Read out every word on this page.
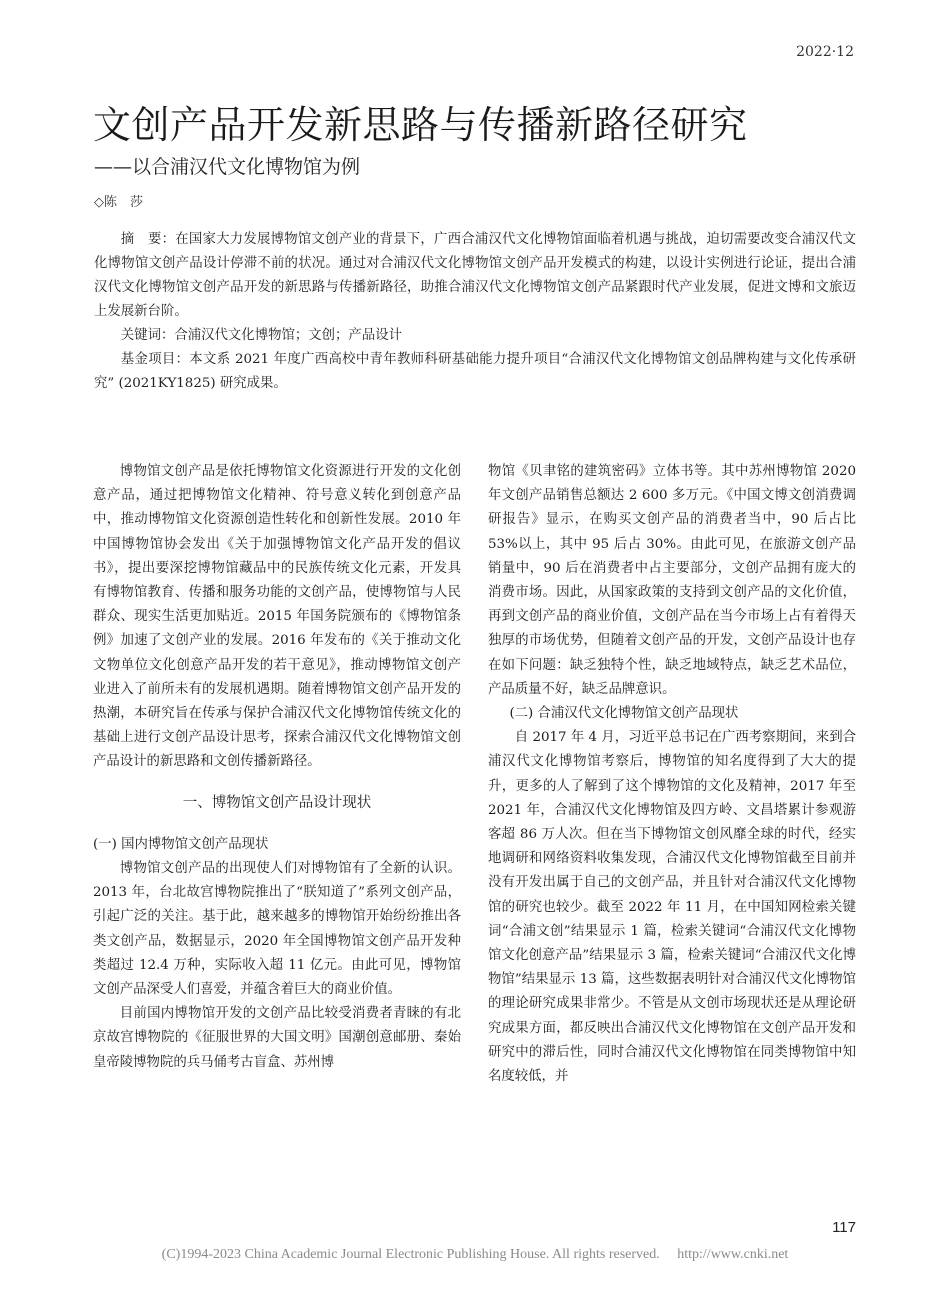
2022·12
文创产品开发新思路与传播新路径研究
——以合浦汉代文化博物馆为例
◇陈　莎

摘　要：在国家大力发展博物馆文创产业的背景下，广西合浦汉代文化博物馆面临着机遇与挑战，迫切需要改变合浦汉代文化博物馆文创产品设计停滞不前的状况。通过对合浦汉代文化博物馆文创产品开发模式的构建，以设计实例进行论证，提出合浦汉代文化博物馆文创产品开发的新思路与传播新路径，助推合浦汉代文化博物馆文创产品紧跟时代产业发展，促进文博和文旅迈上发展新台阶。

关键词：合浦汉代文化博物馆；文创；产品设计

基金项目：本文系 2021 年度广西高校中青年教师科研基础能力提升项目“合浦汉代文化博物馆文创品牌构建与文化传承研究” (2021KY1825) 研究成果。

博物馆文创产品是依托博物馆文化资源进行开发的文化创意产品，通过把博物馆文化精神、符号意义转化到创意产品中，推动博物馆文化资源创造性转化和创新性发展。2010 年中国博物馆协会发出《关于加强博物馆文化产品开发的倡议书》，提出要深挖博物馆藏品中的民族传统文化元素，开发具有博物馆教育、传播和服务功能的文创产品，使博物馆与人民群众、现实生活更加贴近。2015 年国务院颁布的《博物馆条例》加速了文创产业的发展。2016 年发布的《关于推动文化文物单位文化创意产品开发的若干意见》，推动博物馆文创产业进入了前所未有的发展机遇期。随着博物馆文创产品开发的热潮，本研究旨在传承与保护合浦汉代文化博物馆传统文化的基础上进行文创产品设计思考，探索合浦汉代文化博物馆文创产品设计的新思路和文创传播新路径。

一、博物馆文创产品设计现状

(一) 国内博物馆文创产品现状

博物馆文创产品的出现使人们对博物馆有了全新的认识。2013 年，台北故宫博物院推出了“朕知道了”系列文创产品，引起广泛的关注。基于此，越来越多的博物馆开始纷纷推出各类文创产品，数据显示，2020 年全国博物馆文创产品开发种类超过 12.4 万种，实际收入超 11 亿元。由此可见，博物馆文创产品深受人们喜爱，并蕴含着巨大的商业价值。

目前国内博物馆开发的文创产品比较受消费者青睐的有北京故宫博物院的《征服世界的大国文明》国潮创意邮册、秦始皇帝陵博物院的兵马俑考古盲盒、苏州博

物馆《贝聿铭的建筑密码》立体书等。其中苏州博物馆 2020 年文创产品销售总额达 2 600 多万元。《中国文博文创消费调研报告》显示，在购买文创产品的消费者当中，90 后占比 53%以上，其中 95 后占 30%。由此可见，在旅游文创产品销量中，90 后在消费者中占主要部分，文创产品拥有庞大的消费市场。因此，从国家政策的支持到文创产品的文化价值，再到文创产品的商业价值，文创产品在当今市场上占有着得天独厚的市场优势，但随着文创产品的开发，文创产品设计也存在如下问题：缺乏独特个性，缺乏地域特点，缺乏艺术品位，产品质量不好，缺乏品牌意识。

(二) 合浦汉代文化博物馆文创产品现状

自 2017 年 4 月，习近平总书记在广西考察期间，来到合浦汉代文化博物馆考察后，博物馆的知名度得到了大大的提升，更多的人了解到了这个博物馆的文化及精神，2017 年至 2021 年，合浦汉代文化博物馆及四方岭、文昌塔累计参观游客超 86 万人次。但在当下博物馆文创风靡全球的时代，经实地调研和网络资料收集发现，合浦汉代文化博物馆截至目前并没有开发出属于自己的文创产品，并且针对合浦汉代文化博物馆的研究也较少。截至 2022 年 11 月，在中国知网检索关键词“合浦文创”结果显示 1 篇，检索关键词“合浦汉代文化博物馆文化创意产品”结果显示 3 篇，检索关键词“合浦汉代文化博物馆”结果显示 13 篇，这些数据表明针对合浦汉代文化博物馆的理论研究成果非常少。不管是从文创市场现状还是从理论研究成果方面，都反映出合浦汉代文化博物馆在文创产品开发和研究中的滞后性，同时合浦汉代文化博物馆在同类博物馆中知名度较低，并

117
(C)1994-2023 China Academic Journal Electronic Publishing House. All rights reserved.　 http://www.cnki.net
